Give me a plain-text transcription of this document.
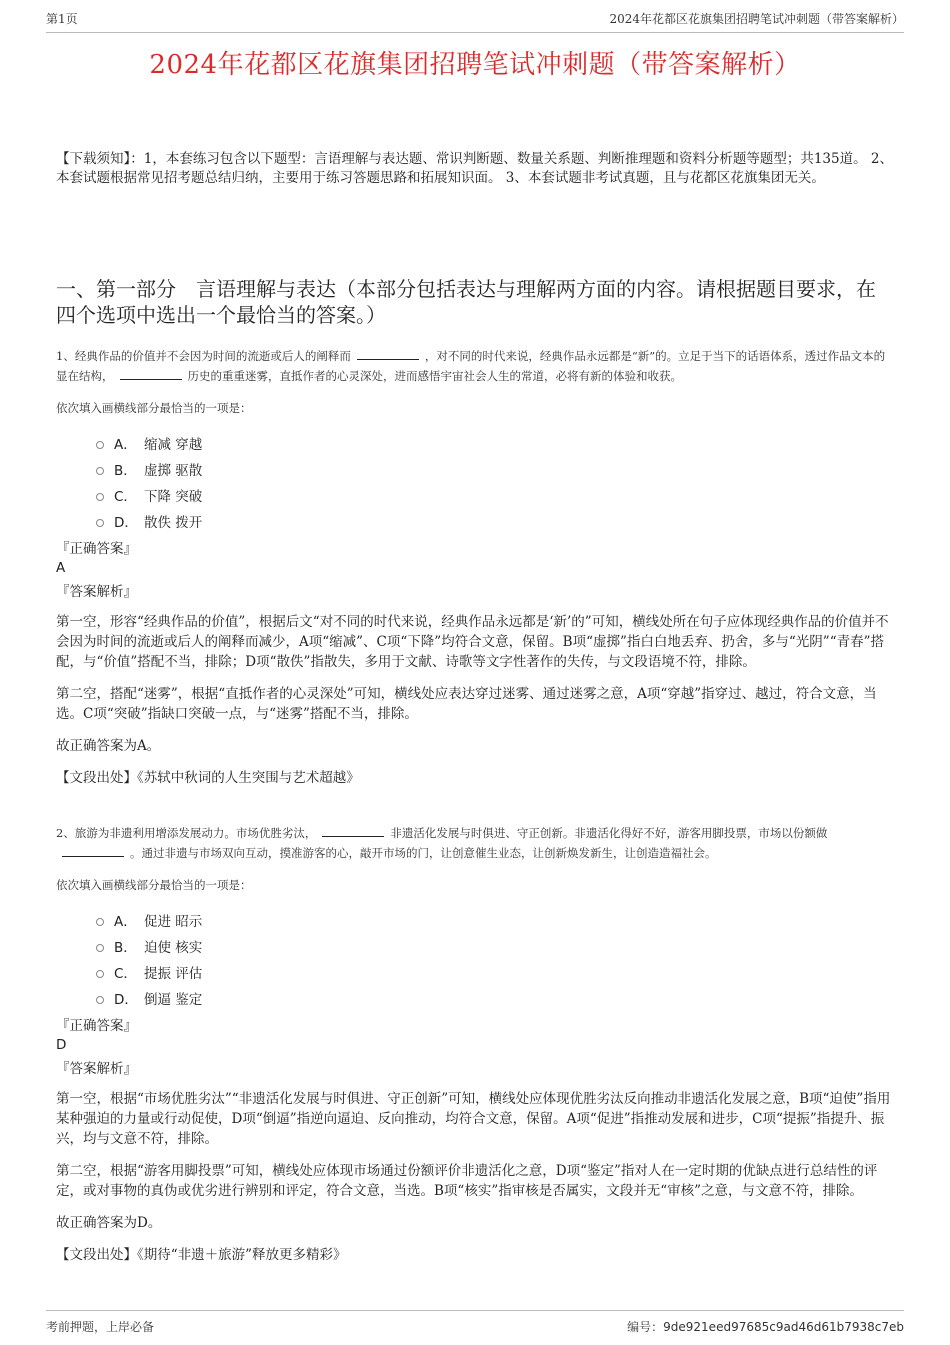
第1页	2024年花都区花旗集团招聘笔试冲刺题（带答案解析）
2024年花都区花旗集团招聘笔试冲刺题（带答案解析）
【下载须知】：1，本套练习包含以下题型：言语理解与表达题、常识判断题、数量关系题、判断推理题和资料分析题等题型；共135道。 2、本套试题根据常见招考题总结归纳，主要用于练习答题思路和拓展知识面。 3、本套试题非考试真题，且与花都区花旗集团无关。
一、第一部分　言语理解与表达（本部分包括表达与理解两方面的内容。请根据题目要求，在四个选项中选出一个最恰当的答案。）
1、经典作品的价值并不会因为时间的流逝或后人的阐释而	，对不同的时代来说，经典作品永远都是“新”的。立足于当下的话语体系，透过作品文本的显在结构，	历史的重重迷雾，直抵作者的心灵深处，进而感悟宇宙社会人生的常道，必将有新的体验和收获。
依次填入画横线部分最恰当的一项是：
A． 缩减 穿越
B． 虚掷 驱散
C． 下降 突破
D． 散佚 拨开
『正确答案』
A
『答案解析』
第一空，形容“经典作品的价值”，根据后文“对不同的时代来说，经典作品永远都是‘新’的”可知，横线处所在句子应体现经典作品的价值并不会因为时间的流逝或后人的阐释而减少，A项“缩减”、C项“下降”均符合文意，保留。B项“虚掷”指白白地丢弃、扔舍，多与“光阴”“青春”搭配，与“价值”搭配不当，排除；D项“散佚”指散失，多用于文献、诗歌等文字性著作的失传，与文段语境不符，排除。
第二空，搭配“迷雾”，根据“直抵作者的心灵深处”可知，横线处应表达穿过迷雾、通过迷雾之意，A项“穿越”指穿过、越过，符合文意，当选。C项“突破”指缺口突破一点，与“迷雾”搭配不当，排除。
故正确答案为A。
【文段出处】《苏轼中秋词的人生突围与艺术超越》
2、旅游为非遗利用增添发展动力。市场优胜劣汰，	非遗活化发展与时俱进、守正创新。非遗活化得好不好，游客用脚投票，市场以份额做。通过非遗与市场双向互动，摸准游客的心，敲开市场的门，让创意催生业态，让创新焕发新生，让创造造福社会。
依次填入画横线部分最恰当的一项是：
A． 促进 昭示
B． 迫使 核实
C． 提振 评估
D． 倒逼 鉴定
『正确答案』
D
『答案解析』
第一空，根据“市场优胜劣汰”“非遗活化发展与时俱进、守正创新”可知，横线处应体现优胜劣汰反向推动非遗活化发展之意，B项“迫使”指用某种强迫的力量或行动促使，D项“倒逼”指逆向逼迫、反向推动，均符合文意，保留。A项“促进”指推动发展和进步，C项“提振”指提升、振兴，均与文意不符，排除。
第二空，根据“游客用脚投票”可知，横线处应体现市场通过份额评价非遗活化之意，D项“鉴定”指对人在一定时期的优缺点进行总结性的评定，或对事物的真伪或优劣进行辨别和评定，符合文意，当选。B项“核实”指审核是否属实，文段并无“审核”之意，与文意不符，排除。
故正确答案为D。
【文段出处】《期待“非遗＋旅游”释放更多精彩》
考前押题，上岸必备	编号：9de921eed97685c9ad46d61b7938c7eb
